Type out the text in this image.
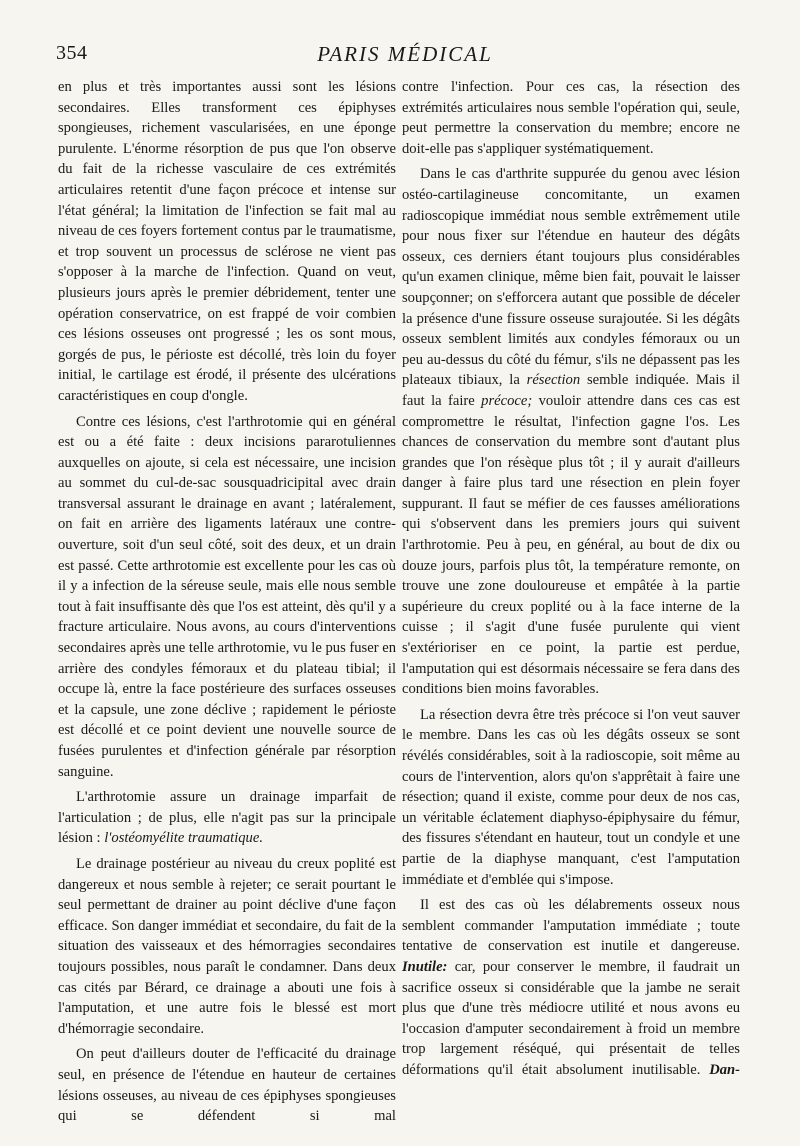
354	PARIS MÉDICAL

en plus et très importantes aussi sont les lésions secondaires. Elles transforment ces épiphyses spongieuses, richement vascularisées, en une éponge purulente. L'énorme résorption de pus que l'on observe du fait de la richesse vasculaire de ces extrémités articulaires retentit d'une façon précoce et intense sur l'état général; la limitation de l'infection se fait mal au niveau de ces foyers fortement contus par le traumatisme, et trop souvent un processus de sclérose ne vient pas s'opposer à la marche de l'infection. Quand on veut, plusieurs jours après le premier débridement, tenter une opération conservatrice, on est frappé de voir combien ces lésions osseuses ont progressé ; les os sont mous, gorgés de pus, le périoste est décollé, très loin du foyer initial, le cartilage est érodé, il présente des ulcérations caractéristiques en coup d'ongle.

Contre ces lésions, c'est l'arthrotomie qui en général est ou a été faite : deux incisions pararotuliennes auxquelles on ajoute, si cela est nécessaire, une incision au sommet du cul-de-sac sousquadricipital avec drain transversal assurant le drainage en avant ; latéralement, on fait en arrière des ligaments latéraux une contre-ouverture, soit d'un seul côté, soit des deux, et un drain est passé. Cette arthrotomie est excellente pour les cas où il y a infection de la séreuse seule, mais elle nous semble tout à fait insuffisante dès que l'os est atteint, dès qu'il y a fracture articulaire. Nous avons, au cours d'interventions secondaires après une telle arthrotomie, vu le pus fuser en arrière des condyles fémoraux et du plateau tibial; il occupe là, entre la face postérieure des surfaces osseuses et la capsule, une zone déclive ; rapidement le périoste est décollé et ce point devient une nouvelle source de fusées purulentes et d'infection générale par résorption sanguine.

L'arthrotomie assure un drainage imparfait de l'articulation ; de plus, elle n'agit pas sur la principale lésion : l'ostéomyélite traumatique.

Le drainage postérieur au niveau du creux poplité est dangereux et nous semble à rejeter; ce serait pourtant le seul permettant de drainer au point déclive d'une façon efficace. Son danger immédiat et secondaire, du fait de la situation des vaisseaux et des hémorragies secondaires toujours possibles, nous paraît le condamner. Dans deux cas cités par Bérard, ce drainage a abouti une fois à l'amputation, et une autre fois le blessé est mort d'hémorragie secondaire.

On peut d'ailleurs douter de l'efficacité du drainage seul, en présence de l'étendue en hauteur de certaines lésions osseuses, au niveau de ces épiphyses spongieuses qui se défendent si mal

contre l'infection. Pour ces cas, la résection des extrémités articulaires nous semble l'opération qui, seule, peut permettre la conservation du membre; encore ne doit-elle pas s'appliquer systématiquement.

Dans le cas d'arthrite suppurée du genou avec lésion ostéo-cartilagineuse concomitante, un examen radioscopique immédiat nous semble extrêmement utile pour nous fixer sur l'étendue en hauteur des dégâts osseux, ces derniers étant toujours plus considérables qu'un examen clinique, même bien fait, pouvait le laisser soupçonner; on s'efforcera autant que possible de déceler la présence d'une fissure osseuse surajoutée. Si les dégâts osseux semblent limités aux condyles fémoraux ou un peu au-dessus du côté du fémur, s'ils ne dépassent pas les plateaux tibiaux, la résection semble indiquée. Mais il faut la faire précoce; vouloir attendre dans ces cas est compromettre le résultat, l'infection gagne l'os. Les chances de conservation du membre sont d'autant plus grandes que l'on résèque plus tôt ; il y aurait d'ailleurs danger à faire plus tard une résection en plein foyer suppurant. Il faut se méfier de ces fausses améliorations qui s'observent dans les premiers jours qui suivent l'arthrotomie. Peu à peu, en général, au bout de dix ou douze jours, parfois plus tôt, la température remonte, on trouve une zone douloureuse et empâtée à la partie supérieure du creux poplité ou à la face interne de la cuisse ; il s'agit d'une fusée purulente qui vient s'extérioriser en ce point, la partie est perdue, l'amputation qui est désormais nécessaire se fera dans des conditions bien moins favorables.

La résection devra être très précoce si l'on veut sauver le membre. Dans les cas où les dégâts osseux se sont révélés considérables, soit à la radioscopie, soit même au cours de l'intervention, alors qu'on s'apprêtait à faire une résection; quand il existe, comme pour deux de nos cas, un véritable éclatement diaphyso-épiphysaire du fémur, des fissures s'étendant en hauteur, tout un condyle et une partie de la diaphyse manquant, c'est l'amputation immédiate et d'emblée qui s'impose.

Il est des cas où les délabrements osseux nous semblent commander l'amputation immédiate ; toute tentative de conservation est inutile et dangereuse. Inutile: car, pour conserver le membre, il faudrait un sacrifice osseux si considérable que la jambe ne serait plus que d'une très médiocre utilité et nous avons eu l'occasion d'amputer secondairement à froid un membre trop largement réséqué, qui présentait de telles déformations qu'il était absolument inutilisable. Dan-
